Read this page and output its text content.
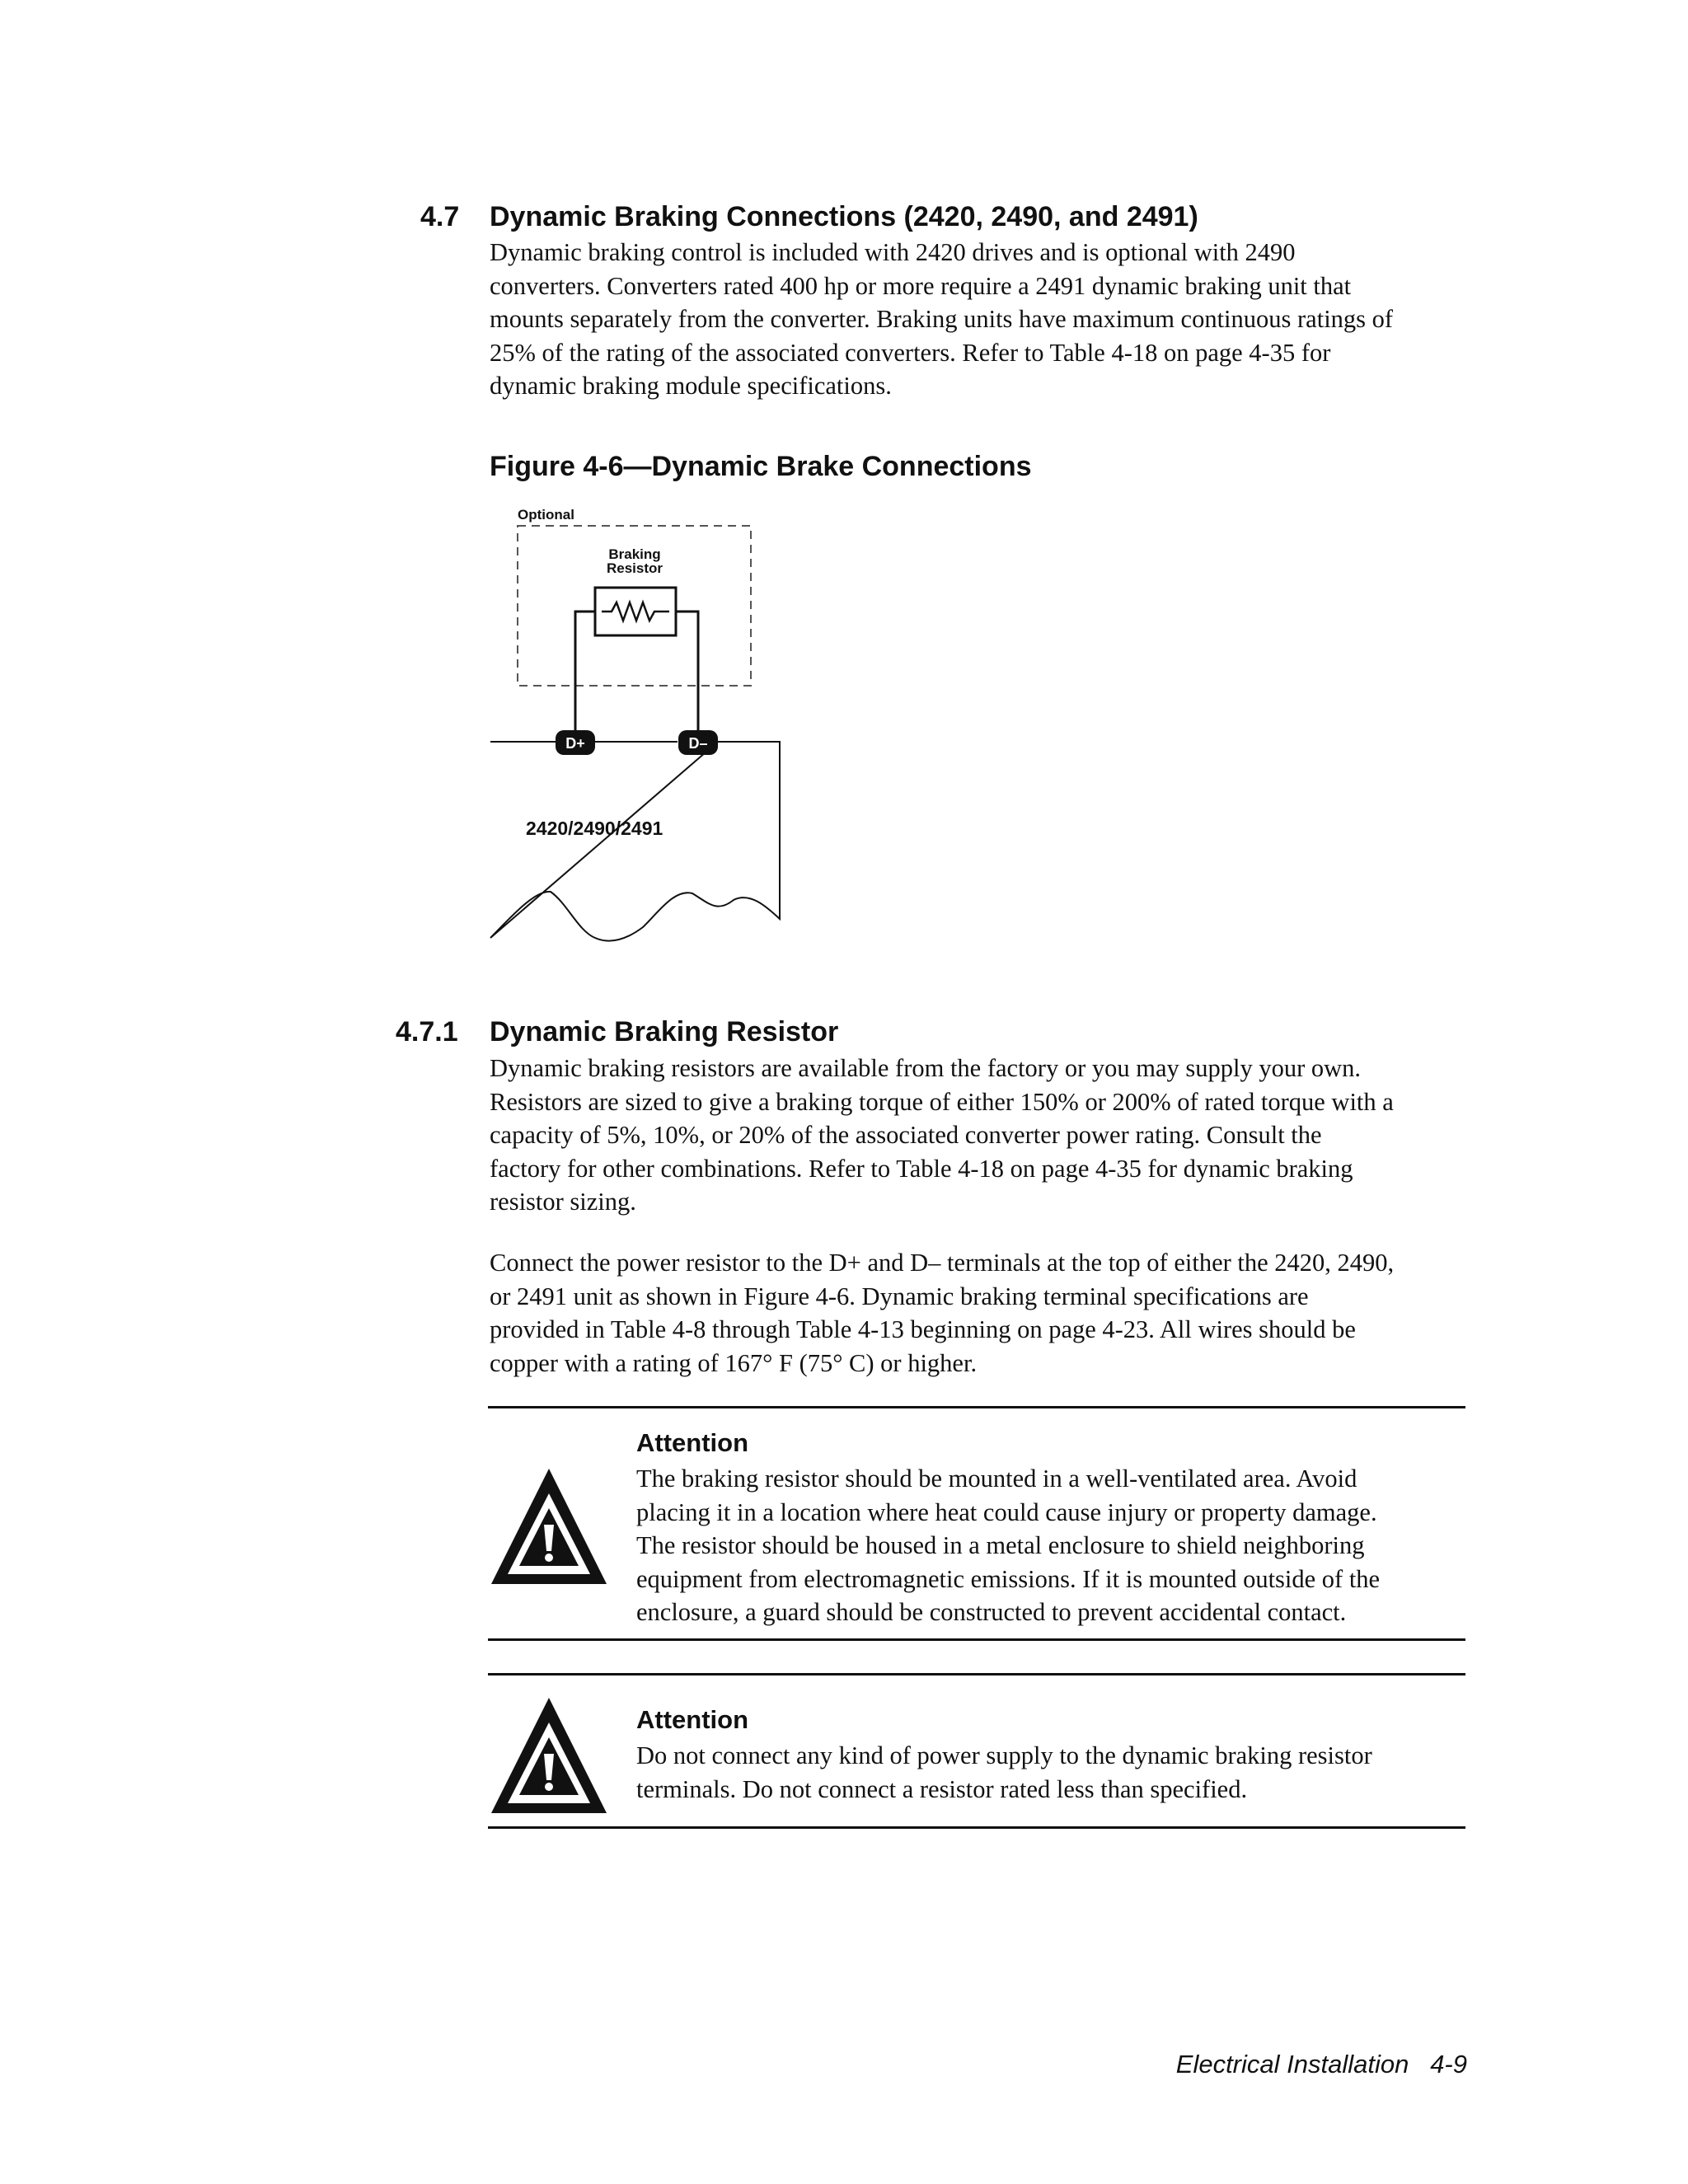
4.7 Dynamic Braking Connections (2420, 2490, and 2491)

Dynamic braking control is included with 2420 drives and is optional with 2490

converters. Converters rated 400 hp or more require a 2491 dynamic braking unit that

mounts separately from the converter. Braking units have maximum continuous ratings of

25% of the rating of the associated converters. Refer to Table 4-18 on page 4-35 for

dynamic braking module specifications.

Figure 4-6—Dynamic Brake Connections
Optional
Braking
Resistor
D+	D–
2420/2490/2491
4.7.1 Dynamic Braking Resistor

Dynamic braking resistors are available from the factory or you may supply your own.

Resistors are sized to give a braking torque of either 150% or 200% of rated torque with a

capacity of 5%, 10%, or 20% of the associated converter power rating. Consult the

factory for other combinations. Refer to Table 4-18 on page 4-35 for dynamic braking

resistor sizing.

Connect the power resistor to the D+ and D– terminals at the top of either the 2420, 2490,

or 2491 unit as shown in Figure 4-6. Dynamic braking terminal specifications are

provided in Table 4-8 through Table 4-13 beginning on page 4-23. All wires should be

copper with a rating of 167° F (75° C) or higher.

Attention

The braking resistor should be mounted in a well-ventilated area. Avoid

placing it in a location where heat could cause injury or property damage.

The resistor should be housed in a metal enclosure to shield neighboring

equipment from electromagnetic emissions. If it is mounted outside of the

enclosure, a guard should be constructed to prevent accidental contact.

Attention

Do not connect any kind of power supply to the dynamic braking resistor

terminals. Do not connect a resistor rated less than specified.

Electrical Installation 4-9
